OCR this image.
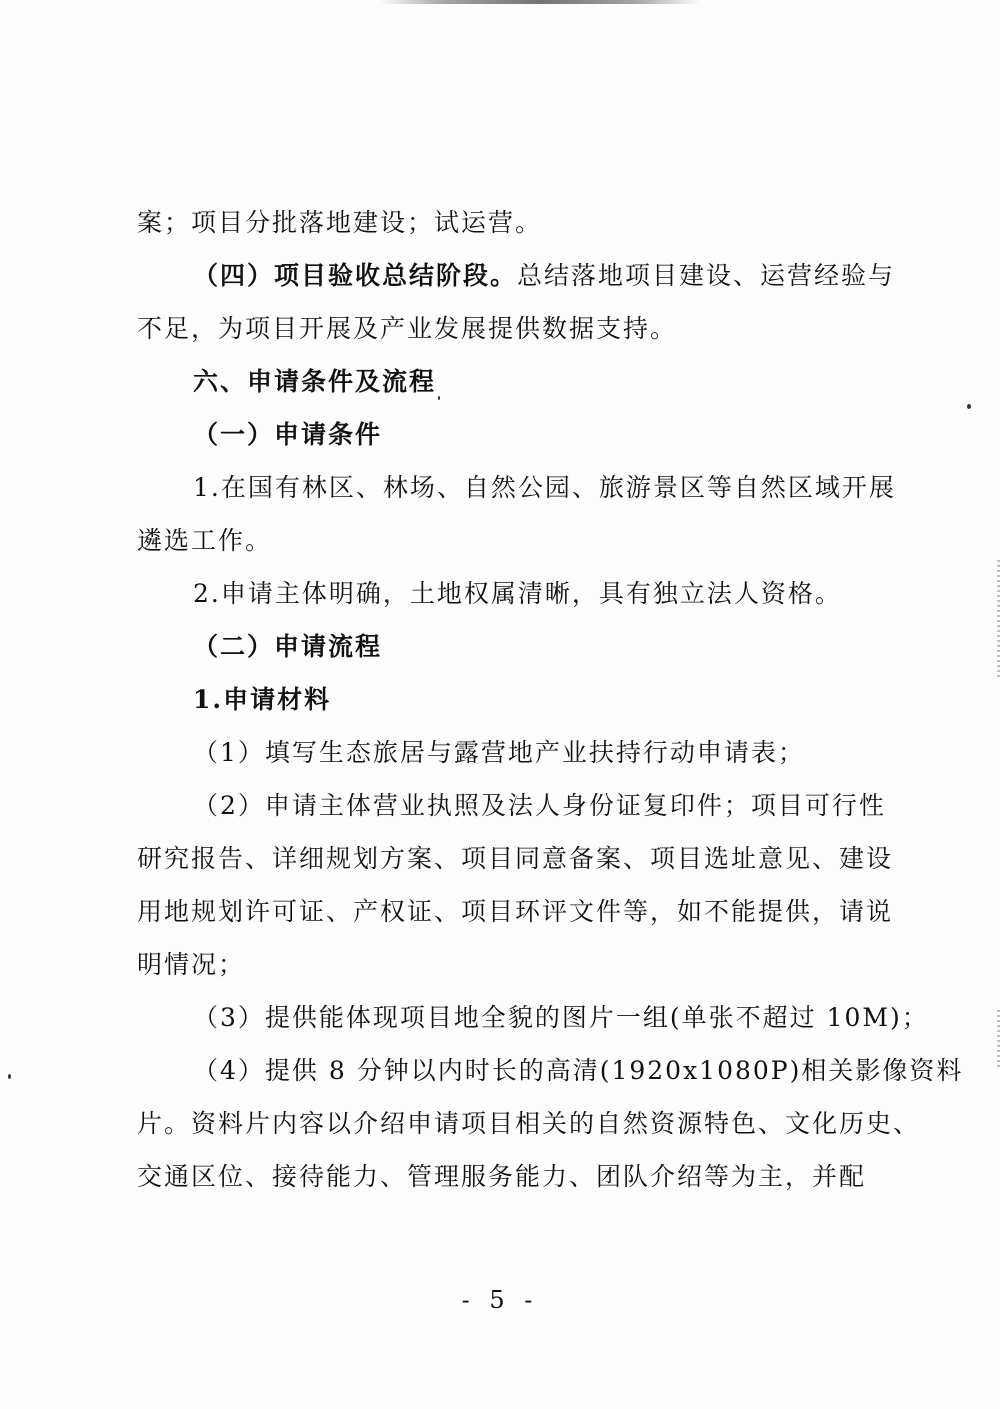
案；项目分批落地建设；试运营。
（四）项目验收总结阶段。总结落地项目建设、运营经验与
不足，为项目开展及产业发展提供数据支持。
六、申请条件及流程
（一）申请条件
1.在国有林区、林场、自然公园、旅游景区等自然区域开展
遴选工作。
2.申请主体明确，土地权属清晰，具有独立法人资格。
（二）申请流程
1.申请材料
（1）填写生态旅居与露营地产业扶持行动申请表；
（2）申请主体营业执照及法人身份证复印件；项目可行性
研究报告、详细规划方案、项目同意备案、项目选址意见、建设
用地规划许可证、产权证、项目环评文件等，如不能提供，请说
明情况；
（3）提供能体现项目地全貌的图片一组(单张不超过 10M)；
（4）提供 8 分钟以内时长的高清(1920x1080P)相关影像资料
片。资料片内容以介绍申请项目相关的自然资源特色、文化历史、
交通区位、接待能力、管理服务能力、团队介绍等为主，并配
- 5 -
